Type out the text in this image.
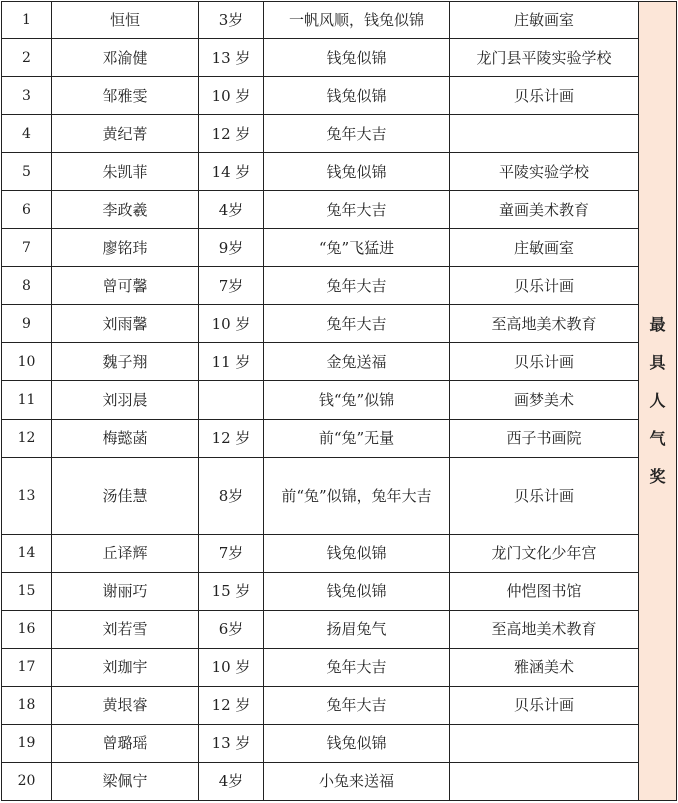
1	恒恒	3岁	一帆风顺，钱兔似锦	庄敏画室	最具人气奖
2	邓渝健	13 岁	钱兔似锦	龙门县平陵实验学校	
3	邹雅雯	10 岁	钱兔似锦	贝乐计画	
4	黄纪菁	12 岁	兔年大吉		
5	朱凯菲	14 岁	钱兔似锦	平陵实验学校	
6	李政羲	4岁	兔年大吉	童画美术教育	
7	廖铭玮	9岁	“兔”飞猛进	庄敏画室	
8	曾可馨	7岁	兔年大吉	贝乐计画	
9	刘雨馨	10 岁	兔年大吉	至高地美术教育	
10	魏子翔	11 岁	金兔送福	贝乐计画	
11	刘羽晨		钱“兔”似锦	画梦美术	
12	梅懿菡	12 岁	前“兔”无量	西子书画院	
13	汤佳慧	8岁	前“兔”似锦，兔年大吉	贝乐计画	
14	丘译辉	7岁	钱兔似锦	龙门文化少年宫	
15	谢丽巧	15 岁	钱兔似锦	仲恺图书馆	
16	刘若雪	6岁	扬眉兔气	至高地美术教育	
17	刘珈宇	10 岁	兔年大吉	雅涵美术	
18	黄垠睿	12 岁	兔年大吉	贝乐计画	
19	曾璐瑶	13 岁	钱兔似锦		
20	梁佩宁	4岁	小兔来送福		
